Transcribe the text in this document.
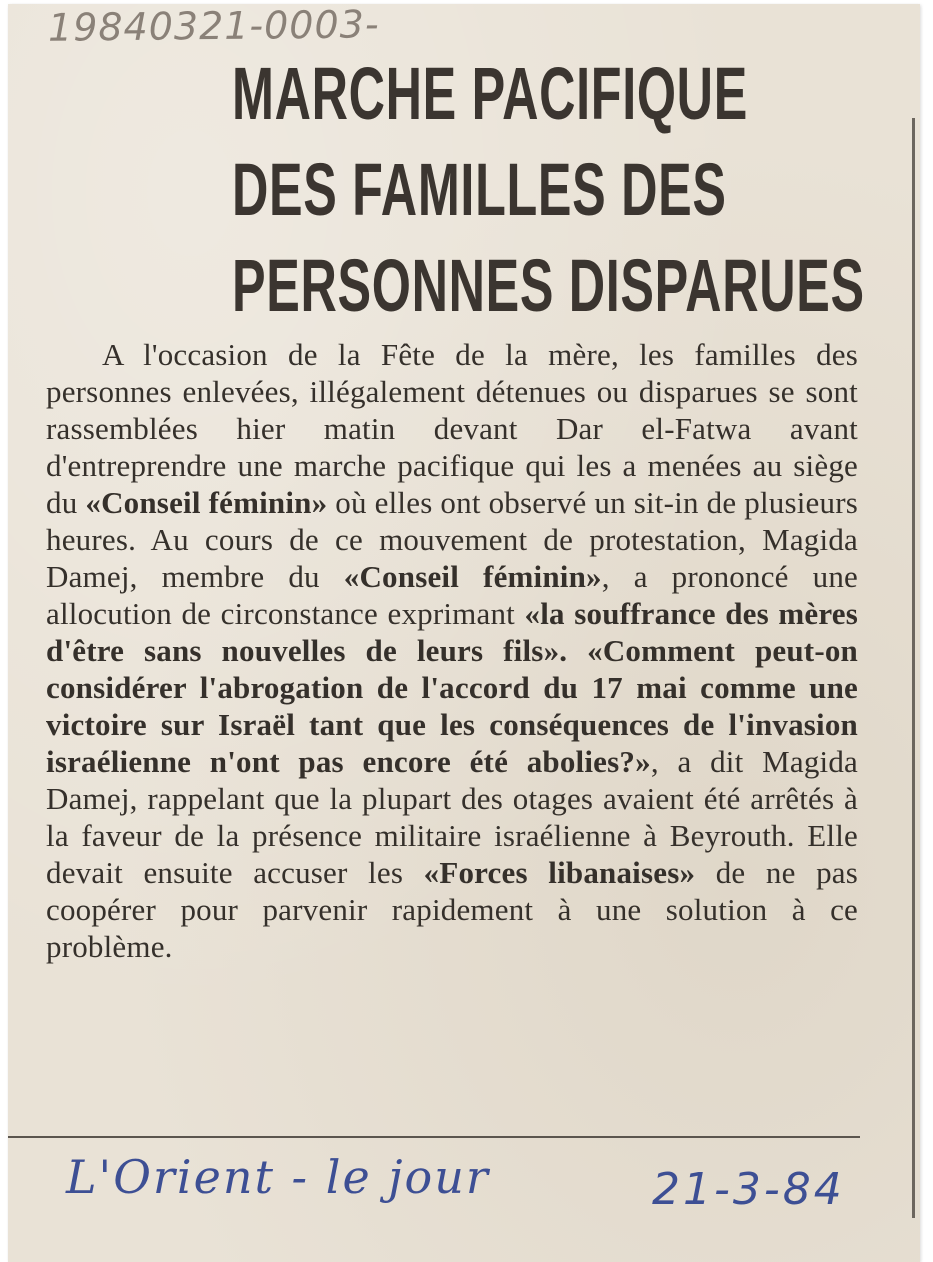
19840321-0003-
MARCHE PACIFIQUE
DES FAMILLES DES
PERSONNES DISPARUES

A l'occasion de la Fête de la mère, les familles des personnes enlevées, illégalement détenues ou disparues se sont rassemblées hier matin devant Dar el-Fatwa avant d'entreprendre une marche pacifique qui les a menées au siège du «Conseil féminin» où elles ont observé un sit-in de plusieurs heures. Au cours de ce mouvement de protestation, Magida Damej, membre du «Conseil féminin», a prononcé une allocution de circonstance exprimant «la souffrance des mères d'être sans nouvelles de leurs fils». «Comment peut-on considérer l'abrogation de l'accord du 17 mai comme une victoire sur Israël tant que les conséquences de l'invasion israélienne n'ont pas encore été abolies?», a dit Magida Damej, rappelant que la plupart des otages avaient été arrêtés à la faveur de la présence militaire israélienne à Beyrouth. Elle devait ensuite accuser les «Forces libanaises» de ne pas coopérer pour parvenir rapidement à une solution à ce problème.

L'Orient - le jour	21-3-84
